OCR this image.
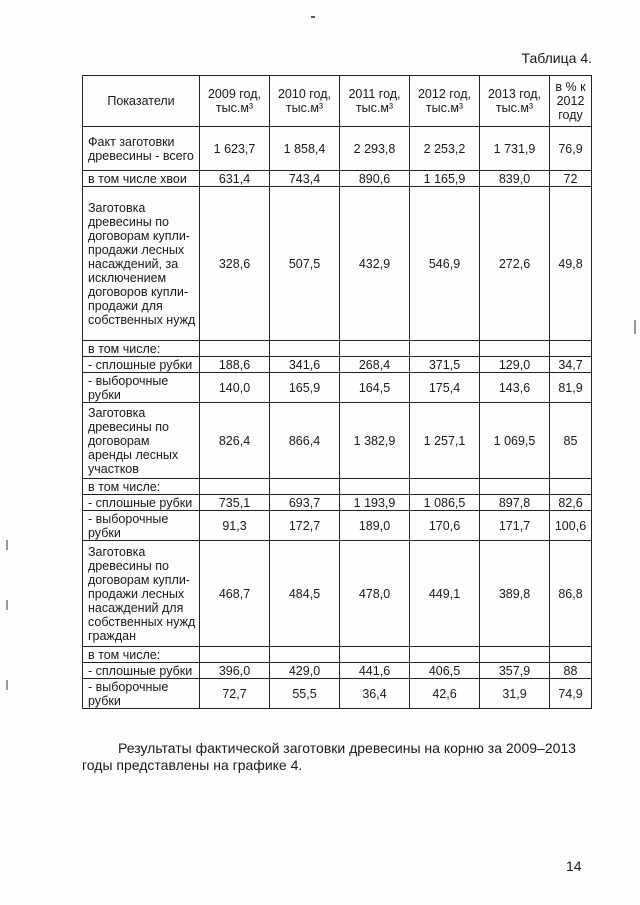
Таблица 4.
Показатели	2009 год, тыс.м³	2010 год, тыс.м³	2011 год, тыс.м³	2012 год, тыс.м³	2013 год, тыс.м³	в % к 2012 году
Факт заготовки древесины - всего	1 623,7	1 858,4	2 293,8	2 253,2	1 731,9	76,9
в том числе хвои	631,4	743,4	890,6	1 165,9	839,0	72
Заготовка древесины по договорам купли-продажи лесных насаждений, за исключением договоров купли-продажи для собственных нужд	328,6	507,5	432,9	546,9	272,6	49,8
в том числе:						
- сплошные рубки	188,6	341,6	268,4	371,5	129,0	34,7
- выборочные рубки	140,0	165,9	164,5	175,4	143,6	81,9
Заготовка древесины по договорам аренды лесных участков	826,4	866,4	1 382,9	1 257,1	1 069,5	85
в том числе:						
- сплошные рубки	735,1	693,7	1 193,9	1 086,5	897,8	82,6
- выборочные рубки	91,3	172,7	189,0	170,6	171,7	100,6
Заготовка древесины по договорам купли-продажи лесных насаждений для собственных нужд граждан	468,7	484,5	478,0	449,1	389,8	86,8
в том числе:						
- сплошные рубки	396,0	429,0	441,6	406,5	357,9	88
- выборочные рубки	72,7	55,5	36,4	42,6	31,9	74,9
Результаты фактической заготовки древесины на корню за 2009–2013 годы представлены на графике 4.
14
